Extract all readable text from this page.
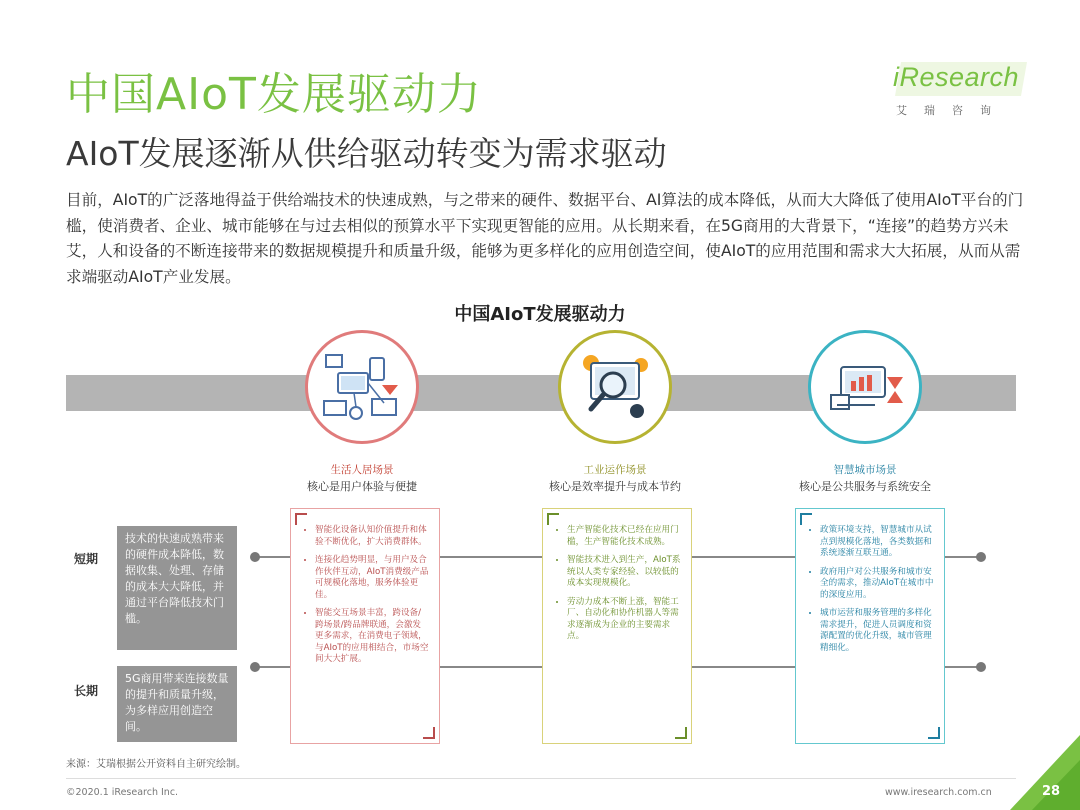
中国AIoT发展驱动力
AIoT发展逐渐从供给驱动转变为需求驱动
iResearch
艾瑞咨询
目前，AIoT的广泛落地得益于供给端技术的快速成熟，与之带来的硬件、数据平台、AI算法的成本降低，从而大大降低了使用AIoT平台的门槛，使消费者、企业、城市能够在与过去相似的预算水平下实现更智能的应用。从长期来看，在5G商用的大背景下，“连接”的趋势方兴未艾，人和设备的不断连接带来的数据规模提升和质量升级，能够为更多样化的应用创造空间，使AIoT的应用范围和需求大大拓展，从而从需求端驱动AIoT产业发展。
中国AIoT发展驱动力
生活人居场景
核心是用户体验与便捷
工业运作场景
核心是效率提升与成本节约
智慧城市场景
核心是公共服务与系统安全
短期
长期
技术的快速成熟带来的硬件成本降低，数据收集、处理、存储的成本大大降低，并通过平台降低技术门槛。
5G商用带来连接数量的提升和质量升级，为多样应用创造空间。
• 智能化设备认知价值提升和体验不断优化，扩大消费群体。
• 连接化趋势明显，与用户及合作伙伴互动，AIoT消费级产品可规模化落地，服务体验更佳。
• 智能交互场景丰富，跨设备/跨场景/跨品牌联通，会激发更多需求，在消费电子领域，与AIoT的应用相结合，市场空间大大扩展。
• 生产智能化技术已经在应用门槛，生产智能化技术成熟。
• 智能技术进入到生产，AIoT系统以人类专家经验、以较低的成本实现规模化。
• 劳动力成本不断上涨，智能工厂、自动化和协作机器人等需求逐渐成为企业的主要需求点。
• 政策环境支持，智慧城市从试点到规模化落地，各类数据和系统逐渐互联互通。
• 政府用户对公共服务和城市安全的需求，推动AIoT在城市中的深度应用。
• 城市运营和服务管理的多样化需求提升，促进人员调度和资源配置的优化升级，城市管理精细化。
来源：艾瑞根据公开资料自主研究绘制。
©2020.1 iResearch Inc.	www.iresearch.com.cn	28
